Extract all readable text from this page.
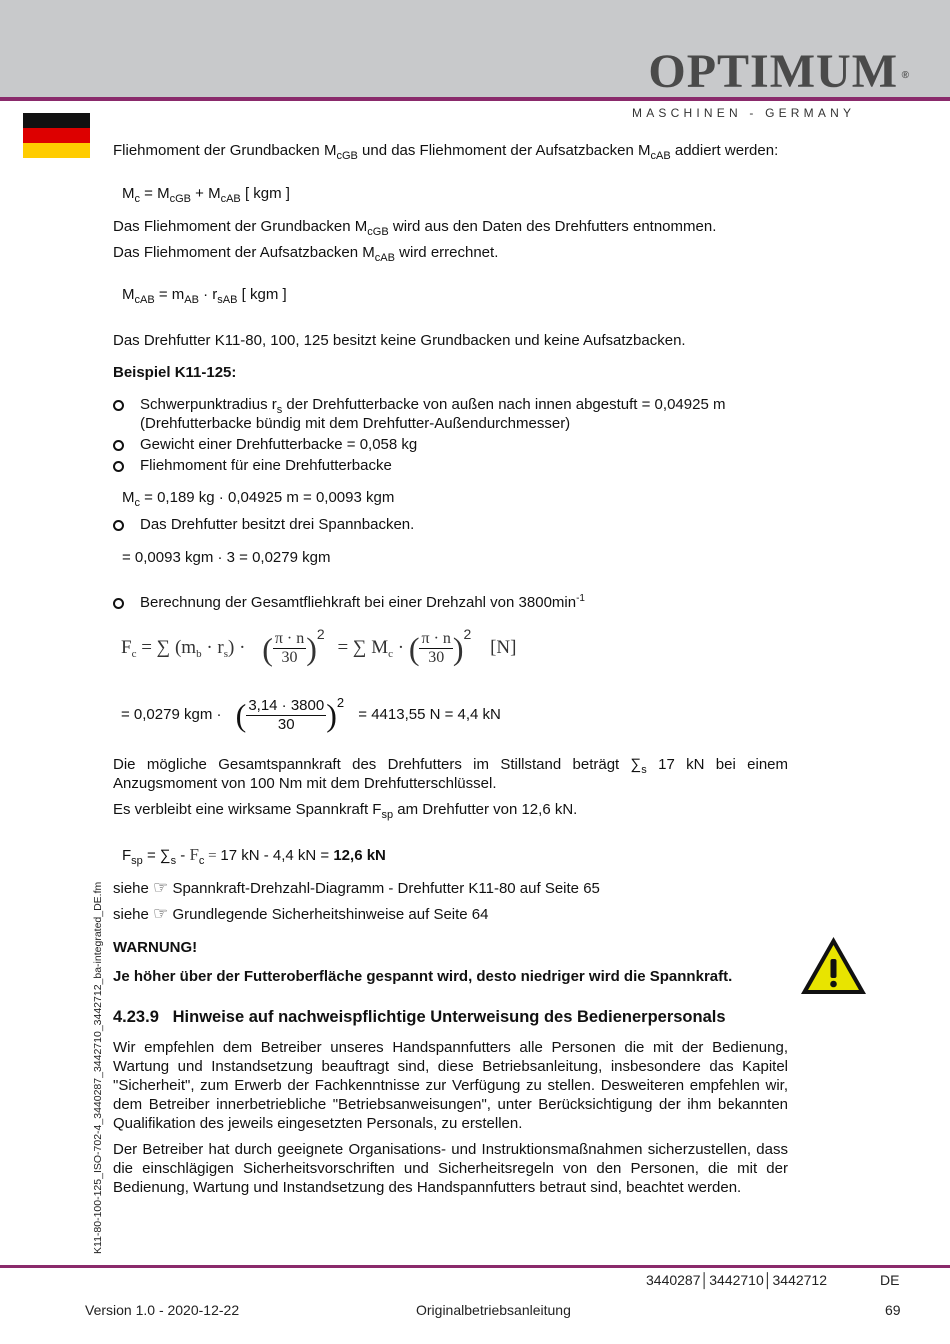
OPTIMUM ®
MASCHINEN - GERMANY
Fliehmoment der Grundbacken $M_{cGB}$ und das Fliehmoment der Aufsatzbacken $M_{cAB}$ addiert werden:
$M_c = M_{cGB} + M_{cAB}$ [ kgm ]
Das Fliehmoment der Grundbacken $M_{cGB}$ wird aus den Daten des Drehfutters entnommen.
Das Fliehmoment der Aufsatzbacken $M_{cAB}$ wird errechnet.
$M_{cAB} = m_{AB} \cdot r_{sAB}$ [ kgm ]
Das Drehfutter K11-80, 100, 125 besitzt keine Grundbacken und keine Aufsatzbacken.
Beispiel K11-125:
Schwerpunktradius $r_s$ der Drehfutterbacke von außen nach innen abgestuft = 0,04925 m
(Drehfutterbacke bündig mit dem Drehfutter-Außendurchmesser)
Gewicht einer Drehfutterbacke = 0,058 kg
Fliehmoment für eine Drehfutterbacke
$M_c = 0,189$ kg · 0,04925 m = 0,0093 kgm
Das Drehfutter besitzt drei Spannbacken.
= 0,0093 kgm · 3 = 0,0279 kgm
Berechnung der Gesamtfliehkraft bei einer Drehzahl von $3800\min^{-1}$
$F_c$ = ∑ $(m_b \cdot r_s)$ · ( $\frac{\pi \cdot n}{30} )^2$ = ∑ $M_c$ · ( $\frac{\pi \cdot n}{30} )^2$ [N]
= 0,0279 kgm · ( $\frac{3,14 \cdot 3800}{30} )^2 = 4413,55$ N = 4,4 kN
Die mögliche Gesamtspannkraft des Drehfutters im Stillstand beträgt $\sum_s$ 17 kN bei einem Anzugsmoment von 100 Nm mit dem Drehfutterschlüssel.
Es verbleibt eine wirksame Spannkraft $F_{sp}$ am Drehfutter von 12,6 kN.
$F_{sp} = \sum_s - F_c = 17$ kN - 4,4 kN = 12,6 kN
siehe ☞ Spannkraft-Drehzahl-Diagramm - Drehfutter K11-80 auf Seite 65
siehe ☞ Grundlegende Sicherheitshinweise auf Seite 64
WARNUNG!
Je höher über der Futteroberfläche gespannt wird, desto niedriger wird die Spannkraft.
4.23.9   Hinweise auf nachweispflichtige Unterweisung des Bedienerpersonals
Wir empfehlen dem Betreiber unseres Handspannfutters alle Personen die mit der Bedienung, Wartung und Instandsetzung beauftragt sind, diese Betriebsanleitung, insbesondere das Kapitel "Sicherheit", zum Erwerb der Fachkenntnisse zur Verfügung zu stellen. Desweiteren empfehlen wir, dem Betreiber innerbetriebliche "Betriebsanweisungen", unter Berücksichtigung der ihm bekannten Qualifikation des jeweils eingesetzten Personals, zu erstellen.
Der Betreiber hat durch geeignete Organisations- und Instruktionsmaßnahmen sicherzustellen, dass die einschlägigen Sicherheitsvorschriften und Sicherheitsregeln von den Personen, die mit der Bedienung, Wartung und Instandsetzung des Handspannfutters betraut sind, beachtet werden.
K11-80-100-125_ISO-702-4_3440287_3442710_3442712_ba-integrated_DE.fm
3440287│3442710│3442712	DE
Version 1.0 - 2020-12-22	Originalbetriebsanleitung	69
